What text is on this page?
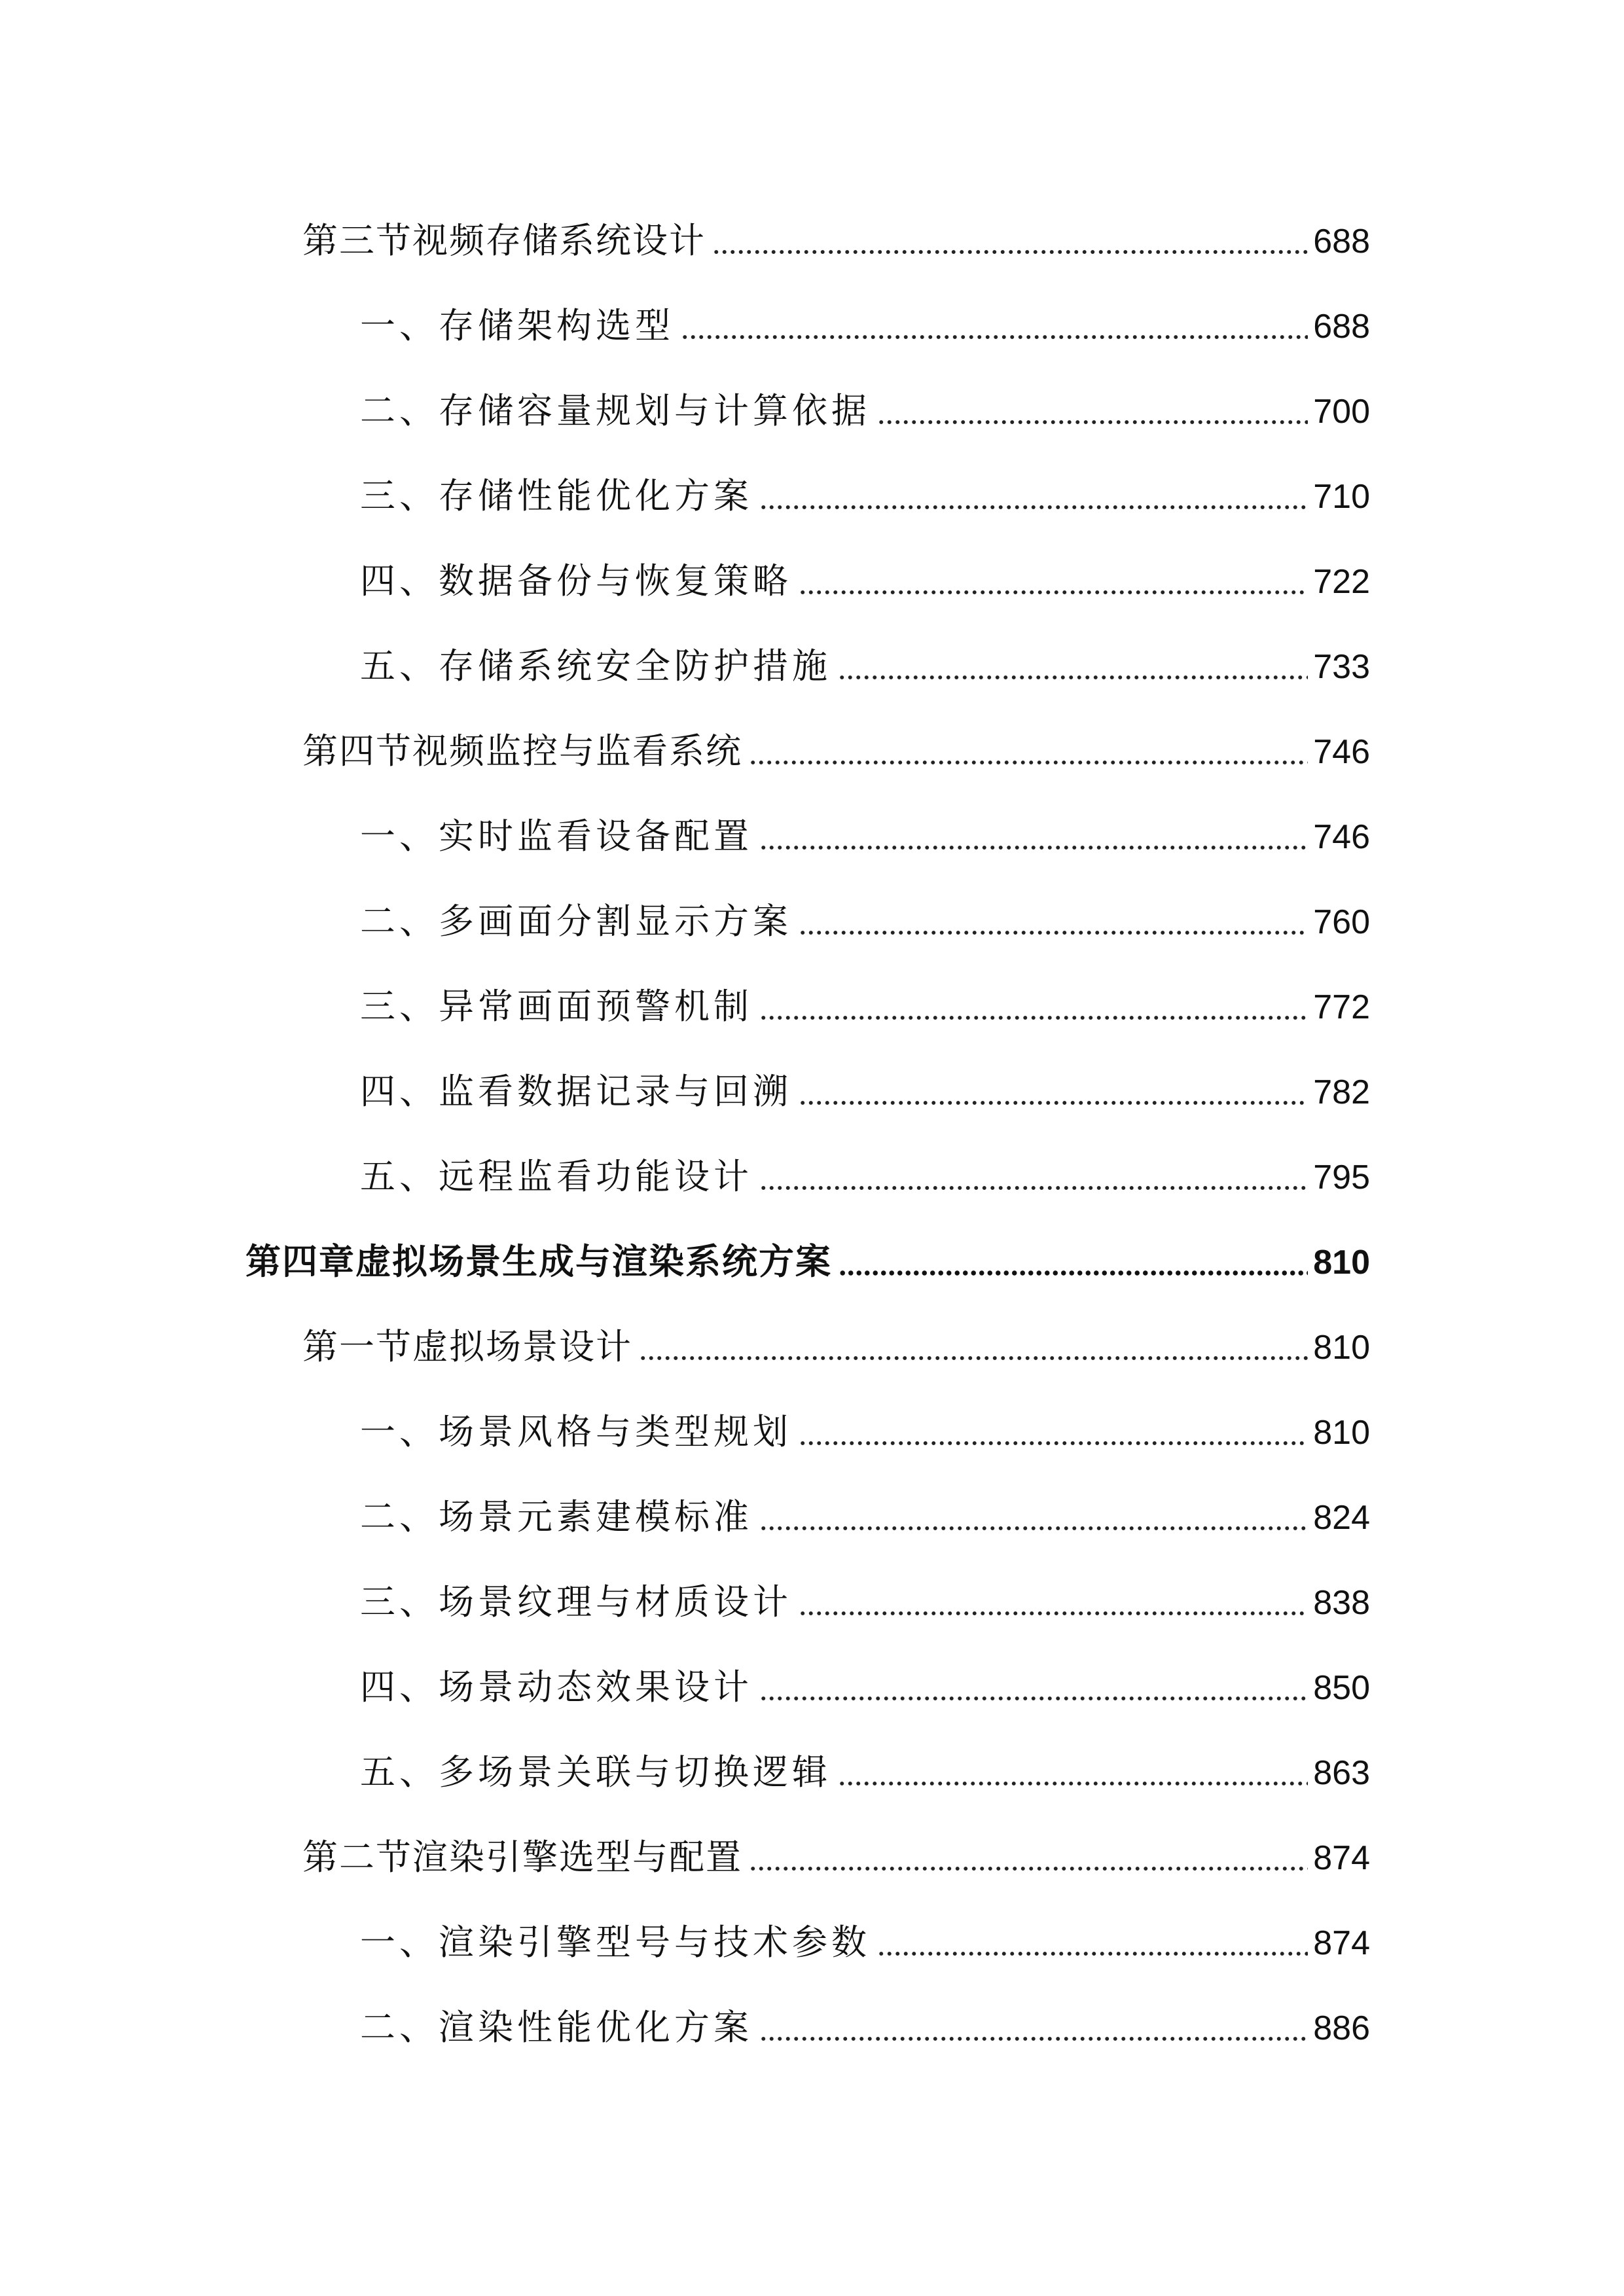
第三节视频存储系统设计	688
一、存储架构选型	688
二、存储容量规划与计算依据	700
三、存储性能优化方案	710
四、数据备份与恢复策略	722
五、存储系统安全防护措施	733
第四节视频监控与监看系统	746
一、实时监看设备配置	746
二、多画面分割显示方案	760
三、异常画面预警机制	772
四、监看数据记录与回溯	782
五、远程监看功能设计	795
第四章虚拟场景生成与渲染系统方案	810
第一节虚拟场景设计	810
一、场景风格与类型规划	810
二、场景元素建模标准	824
三、场景纹理与材质设计	838
四、场景动态效果设计	850
五、多场景关联与切换逻辑	863
第二节渲染引擎选型与配置	874
一、渲染引擎型号与技术参数	874
二、渲染性能优化方案	886
